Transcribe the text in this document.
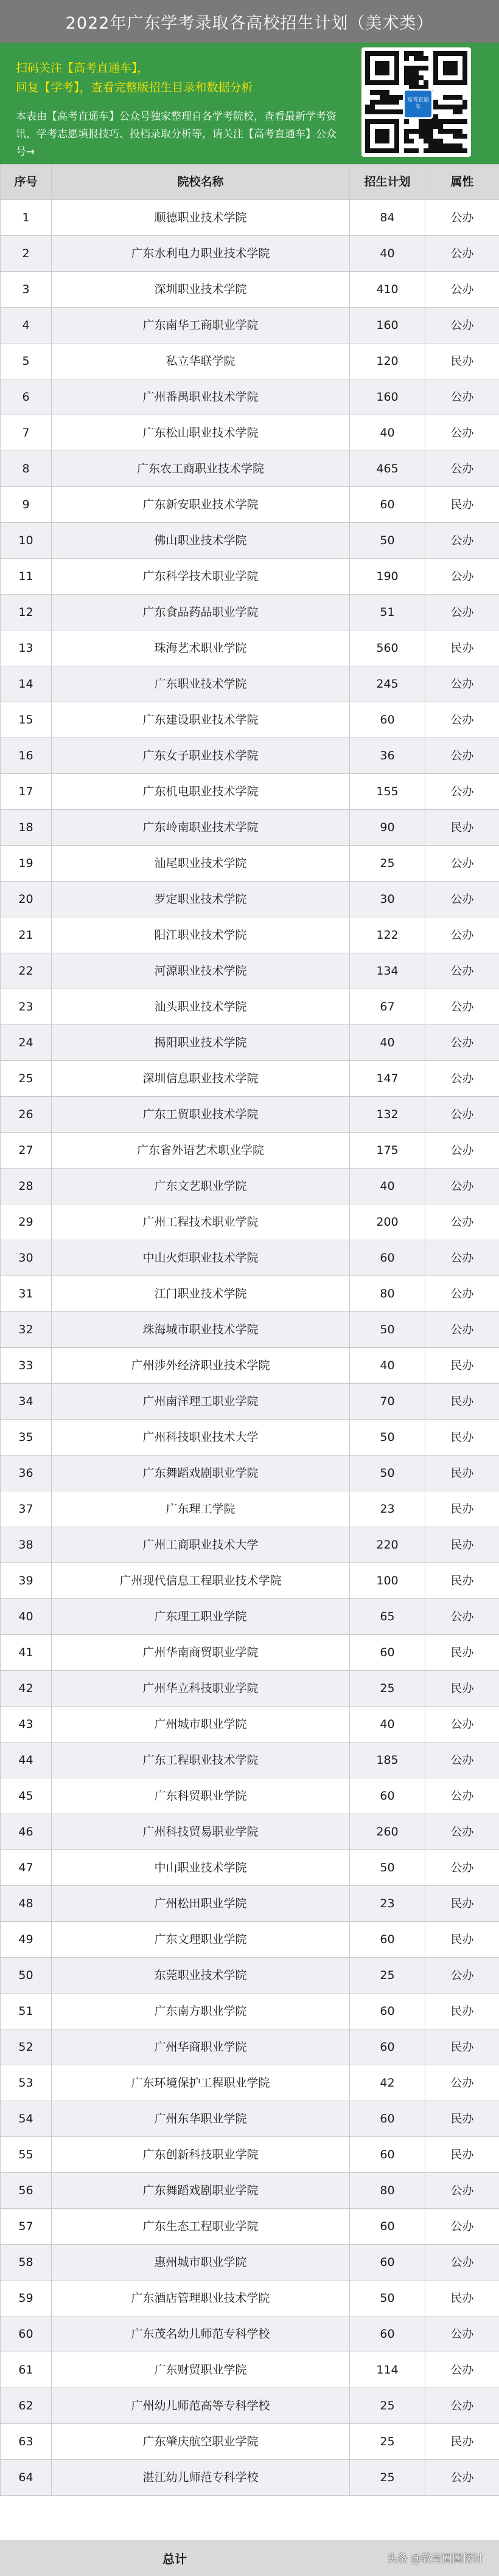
2022年广东学考录取各高校招生计划（美术类）
扫码关注【高考直通车】，
回复【学考】，查看完整版招生目录和数据分析
本表由【高考直通车】公众号独家整理自各学考院校，查看最新学考资讯、学考志愿填报技巧、投档录取分析等，请关注【高考直通车】公众号→
高考直通车
序号	院校名称	招生计划	属性
1	顺德职业技术学院	84	公办
2	广东水利电力职业技术学院	40	公办
3	深圳职业技术学院	410	公办
4	广东南华工商职业学院	160	公办
5	私立华联学院	120	民办
6	广州番禺职业技术学院	160	公办
7	广东松山职业技术学院	40	公办
8	广东农工商职业技术学院	465	公办
9	广东新安职业技术学院	60	民办
10	佛山职业技术学院	50	公办
11	广东科学技术职业学院	190	公办
12	广东食品药品职业学院	51	公办
13	珠海艺术职业学院	560	民办
14	广东职业技术学院	245	公办
15	广东建设职业技术学院	60	公办
16	广东女子职业技术学院	36	公办
17	广东机电职业技术学院	155	公办
18	广东岭南职业技术学院	90	民办
19	汕尾职业技术学院	25	公办
20	罗定职业技术学院	30	公办
21	阳江职业技术学院	122	公办
22	河源职业技术学院	134	公办
23	汕头职业技术学院	67	公办
24	揭阳职业技术学院	40	公办
25	深圳信息职业技术学院	147	公办
26	广东工贸职业技术学院	132	公办
27	广东省外语艺术职业学院	175	公办
28	广东文艺职业学院	40	公办
29	广州工程技术职业学院	200	公办
30	中山火炬职业技术学院	60	公办
31	江门职业技术学院	80	公办
32	珠海城市职业技术学院	50	公办
33	广州涉外经济职业技术学院	40	民办
34	广州南洋理工职业学院	70	民办
35	广州科技职业技术大学	50	民办
36	广东舞蹈戏剧职业学院	50	民办
37	广东理工学院	23	民办
38	广州工商职业技术大学	220	民办
39	广州现代信息工程职业技术学院	100	民办
40	广东理工职业学院	65	公办
41	广州华南商贸职业学院	60	民办
42	广州华立科技职业学院	25	民办
43	广州城市职业学院	40	公办
44	广东工程职业技术学院	185	公办
45	广东科贸职业学院	60	公办
46	广州科技贸易职业学院	260	公办
47	中山职业技术学院	50	公办
48	广州松田职业学院	23	民办
49	广东文理职业学院	60	民办
50	东莞职业技术学院	25	公办
51	广东南方职业学院	60	民办
52	广州华商职业学院	60	民办
53	广东环境保护工程职业学院	42	公办
54	广州东华职业学院	60	民办
55	广东创新科技职业学院	60	民办
56	广东舞蹈戏剧职业学院	80	公办
57	广东生态工程职业学院	60	公办
58	惠州城市职业学院	60	公办
59	广东酒店管理职业技术学院	50	民办
60	广东茂名幼儿师范专科学校	60	公办
61	广东财贸职业学院	114	公办
62	广州幼儿师范高等专科学校	25	公办
63	广东肇庆航空职业学院	25	民办
64	湛江幼儿师范专科学校	25	公办
总计	头条 @教育圈圈探讨
